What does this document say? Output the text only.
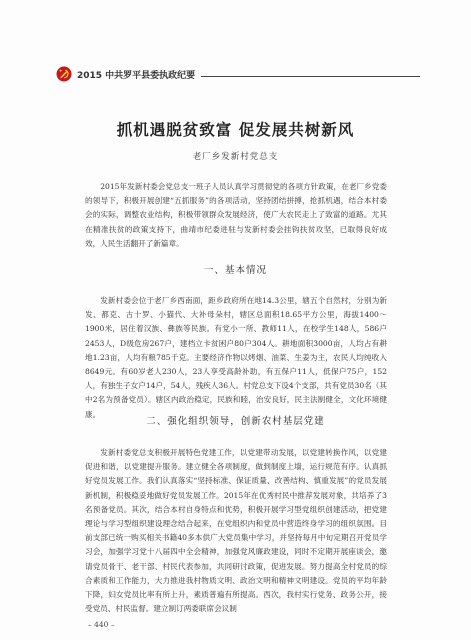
2015 中共罗平县委执政纪要
抓机遇脱贫致富 促发展共树新风
老厂乡发新村党总支

2015年发新村委会党总支一班子人员认真学习贯彻党的各项方针政策，在老厂乡党委的领导下，积极开展创建“五抓服务”的各项活动，坚持团结拼搏，抢抓机遇，结合本村委会的实际，调整农业结构，积极带领群众发展经济，使广大农民走上了致富的道路。尤其在精准扶贫的政策支持下，曲靖市纪委进驻与发新村委会挂钩扶贫攻坚，已取得良好成效，人民生活翻开了新篇章。

一、基本情况

发新村委会位于老厂乡西南面，距乡政府所在地14.3公里，辖五个自然村，分别为新发、都克、古十罗、小猫代、大补母朵村，辖区总面积18.65平方公里，海拔1400～1900米，居住着汉族、彝族等民族。有党小一所、教师11人，在校学生148人，586户2453人，D级危房267户，建档立卡贫困户80户304人。耕地面积3000亩，人均占有耕地1.23亩，人均有粮785千克。主要经济作物以烤烟、油菜、生姜为主，农民人均纯收入8649元。有60岁老人230人，23人享受高龄补助，有五保户11人，低保户75户，152人，有独生子女户14户，54人，残疾人36人。村党总支下设4个支部，共有党员30名（其中2名为预备党员）。辖区内政治稳定，民族和睦，治安良好，民主法制健全，文化环境健康。

二、强化组织领导，创新农村基层党建

发新村委党总支积极开展特色党建工作，以党建带动发展，以党建转换作风，以党建促进和谐，以党建提升服务。建立健全各项制度，做到制度上墙，运行规范有序。认真抓好党员发展工作。我们认真落实“坚持标准、保证质量、改善结构、慎重发展”的党员发展新机制，积极稳妥地做好党员发展工作。2015年在优秀村民中推荐发展对象，共培养了3名预备党员。其次，结合本村自身特点和优势，积极开展学习型党组织创建活动，把党建理论与学习型组织建设理念结合起来，在党组织内和党员中营造终身学习的组织氛围。目前支部已统一购买相关书籍40多本供广大党员集中学习，并坚持每月中旬定期召开党员学习会，加强学习党十八届四中全会精神，加强党风廉政建设，同时不定期开展座谈会，邀请党员骨干、老干部、村民代表参加，共同研讨政策，促进发展。努力提高全村党员的综合素质和工作能力，大力推进我村物质文明、政治文明和精神文明建设。党员的平均年龄下降，妇女党员比率有所上升，素质普遍有所提高。西次，我村实行党务、政务公开，接受党员、村民监督。建立制订两委联席会议制

– 440 –
